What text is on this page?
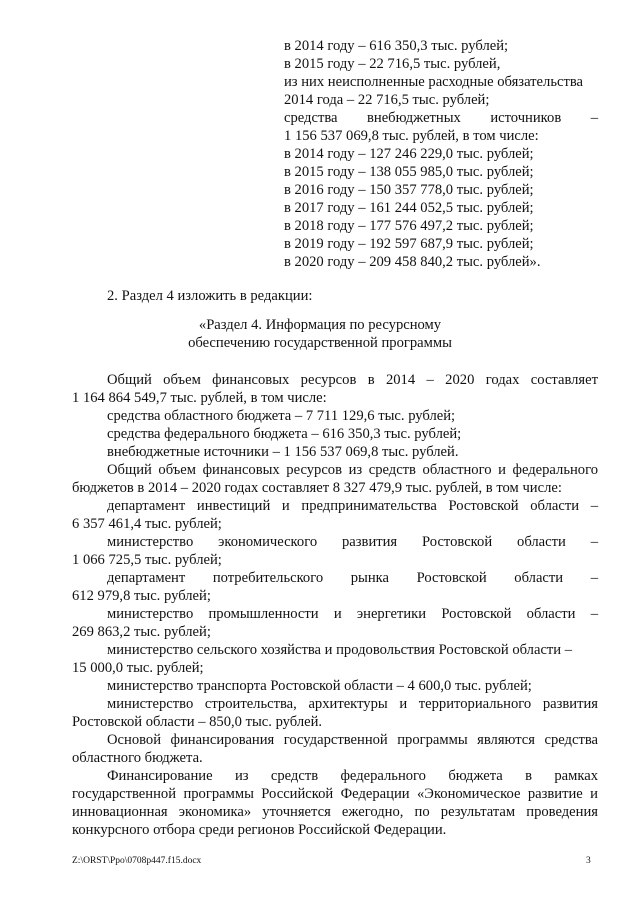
в 2014 году – 616 350,3 тыс. рублей;
в 2015 году – 22 716,5 тыс. рублей,
из них неисполненные расходные обязательства
2014 года – 22 716,5 тыс. рублей;
средства внебюджетных источников –
1 156 537 069,8 тыс. рублей, в том числе:
в 2014 году – 127 246 229,0 тыс. рублей;
в 2015 году – 138 055 985,0 тыс. рублей;
в 2016 году – 150 357 778,0 тыс. рублей;
в 2017 году – 161 244 052,5 тыс. рублей;
в 2018 году – 177 576 497,2 тыс. рублей;
в 2019 году – 192 597 687,9 тыс. рублей;
в 2020 году – 209 458 840,2 тыс. рублей».
2. Раздел 4 изложить в редакции:
«Раздел 4. Информация по ресурсному
обеспечению государственной программы
Общий объем финансовых ресурсов в 2014 – 2020 годах составляет
1 164 864 549,7 тыс. рублей, в том числе:
средства областного бюджета – 7 711 129,6 тыс. рублей;
средства федерального бюджета – 616 350,3 тыс. рублей;
внебюджетные источники – 1 156 537 069,8 тыс. рублей.
Общий объем финансовых ресурсов из средств областного и федерального
бюджетов в 2014 – 2020 годах составляет 8 327 479,9 тыс. рублей, в том числе:
департамент инвестиций и предпринимательства Ростовской области –
6 357 461,4 тыс. рублей;
министерство экономического развития Ростовской области –
1 066 725,5 тыс. рублей;
департамент потребительского рынка Ростовской области –
612 979,8 тыс. рублей;
министерство промышленности и энергетики Ростовской области –
269 863,2 тыс. рублей;
министерство сельского хозяйства и продовольствия Ростовской области –
15 000,0 тыс. рублей;
министерство транспорта Ростовской области – 4 600,0 тыс. рублей;
министерство строительства, архитектуры и территориального развития
Ростовской области – 850,0 тыс. рублей.
Основой финансирования государственной программы являются средства
областного бюджета.
Финансирование из средств федерального бюджета в рамках
государственной программы Российской Федерации «Экономическое развитие и
инновационная экономика» уточняется ежегодно, по результатам проведения
конкурсного отбора среди регионов Российской Федерации.
Z:\ORST\Ppo\0708p447.f15.docx	3
